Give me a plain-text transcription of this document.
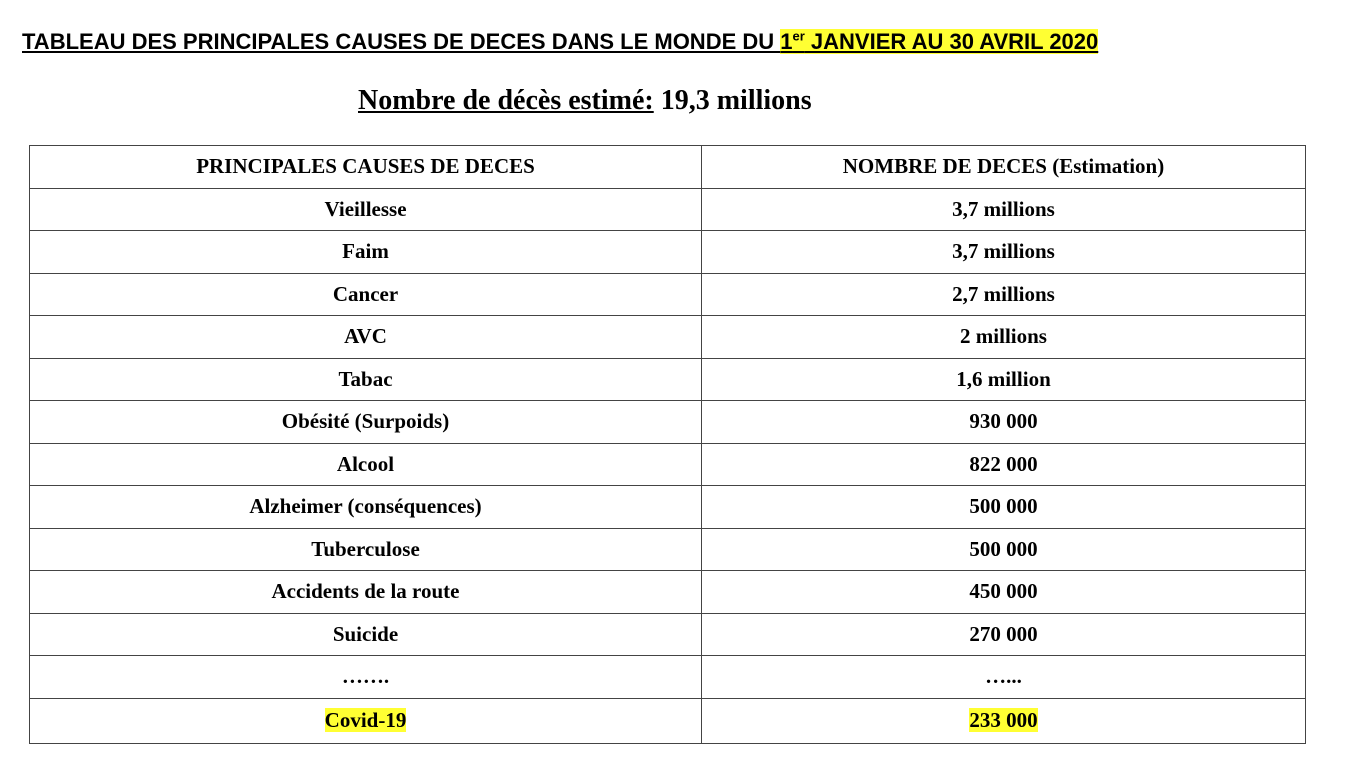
TABLEAU DES PRINCIPALES CAUSES DE DECES DANS LE MONDE DU 1er JANVIER AU 30 AVRIL 2020
Nombre de décès estimé: 19,3 millions
PRINCIPALES CAUSES DE DECES	NOMBRE DE DECES (Estimation)
Vieillesse	3,7 millions
Faim	3,7 millions
Cancer	2,7 millions
AVC	2 millions
Tabac	1,6 million
Obésité (Surpoids)	930 000
Alcool	822 000
Alzheimer (conséquences)	500 000
Tuberculose	500 000
Accidents de la route	450 000
Suicide	270 000
…….	…...
Covid-19	233 000
